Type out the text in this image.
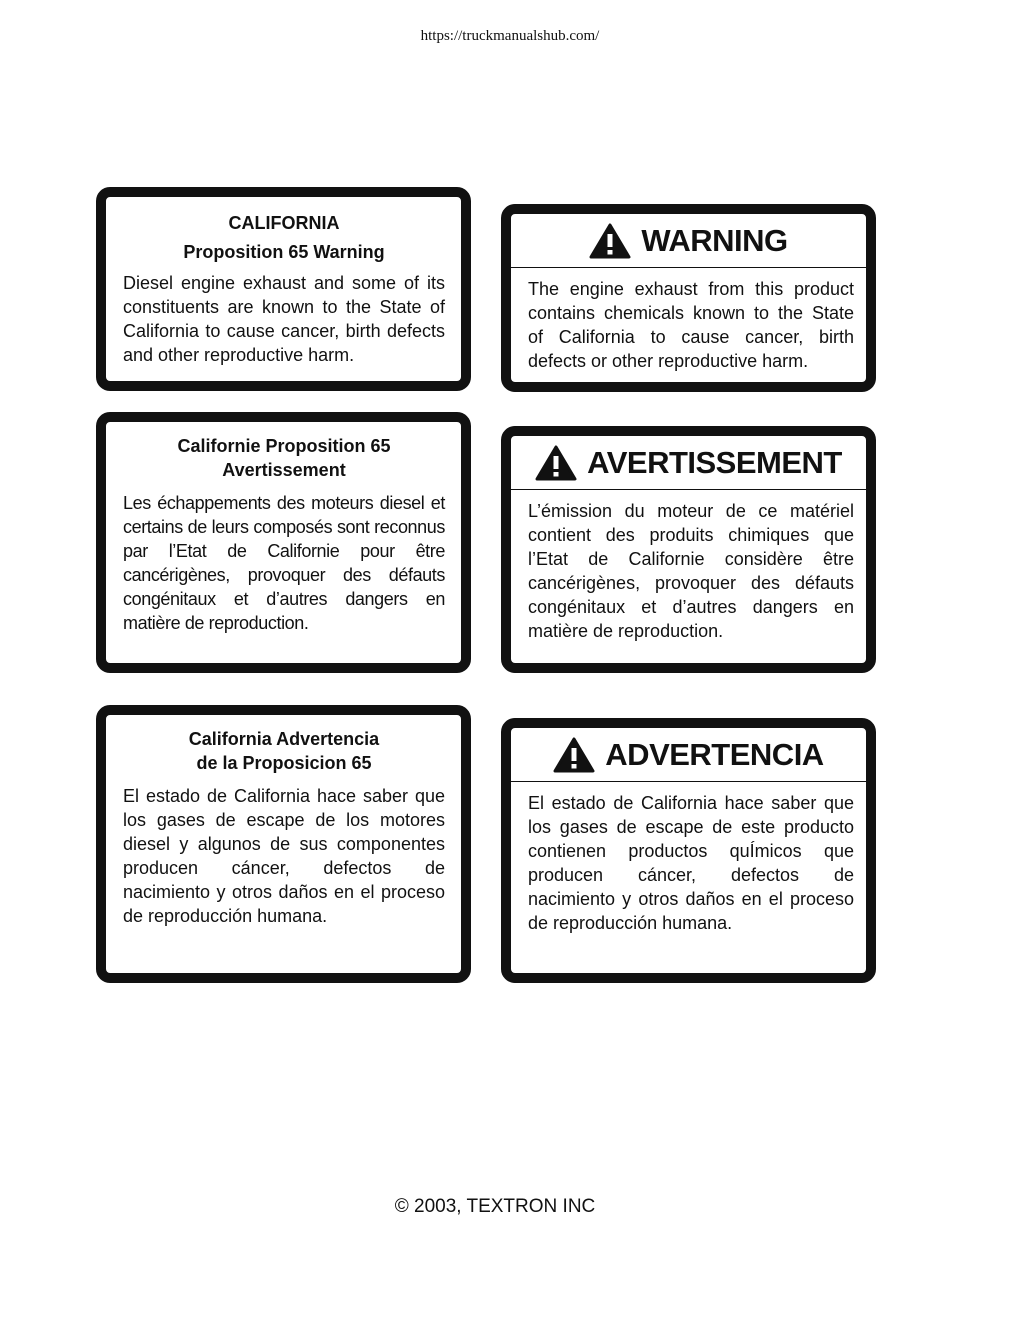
https://truckmanualshub.com/
CALIFORNIA
Proposition 65 Warning
Diesel engine exhaust and some of its constituents are known to the State of California to cause cancer, birth defects and other reproductive harm.
Californie Proposition 65
Avertissement
Les échappements des moteurs diesel et certains de leurs composés sont reconnus par l’Etat de Californie pour être cancérigènes, provoquer des défauts congénitaux et d’autres dangers en matière de reproduction.
California Advertencia
de la Proposicion 65
El estado de California hace saber que los gases de escape de los motores diesel y algunos de sus componentes producen cáncer, defectos de nacimiento y otros daños en el proceso de reproducción humana.
WARNING
The engine exhaust from this product contains chemicals known to the State of California to cause cancer, birth defects or other reproductive harm.
AVERTISSEMENT
L’émission du moteur de ce matériel contient des produits chimiques que l’Etat de Californie considère être cancérigènes, provoquer des défauts congénitaux et d’autres dangers en matière de reproduction.
ADVERTENCIA
El estado de California hace saber que los gases de escape de este producto contienen productos quÍmicos que producen cáncer, defectos de nacimiento y otros daños en el proceso de reproducción humana.
© 2003, TEXTRON INC
